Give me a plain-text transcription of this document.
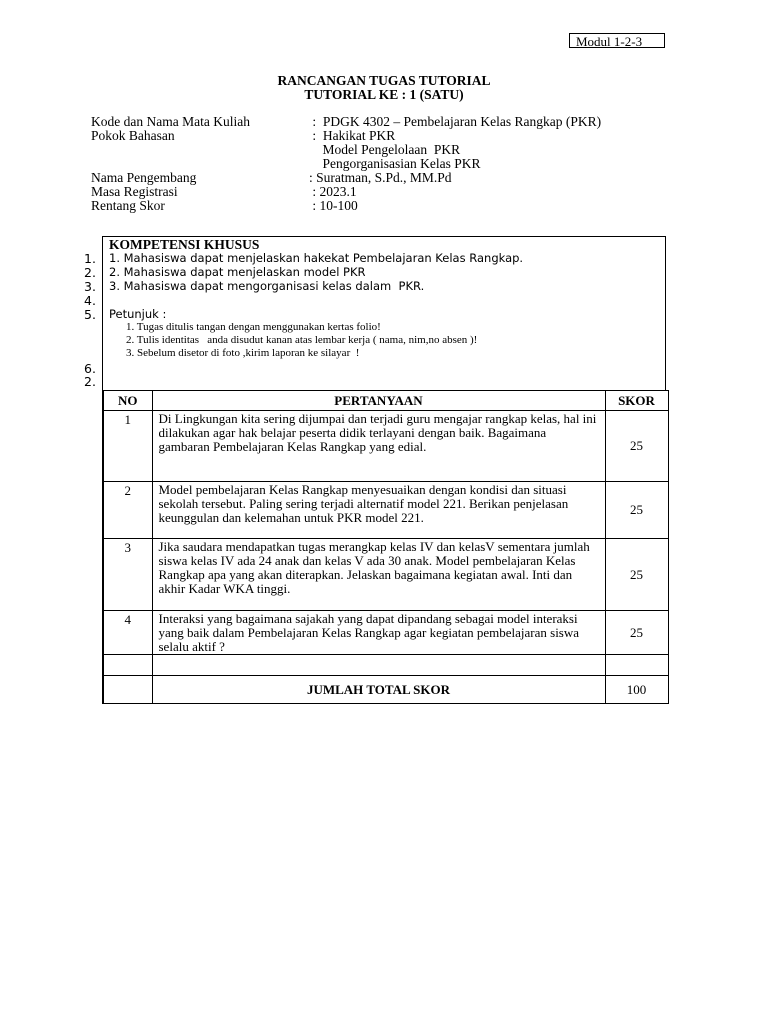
Modul 1-2-3
RANCANGAN TUGAS TUTORIAL
TUTORIAL KE : 1 (SATU)
Kode dan Nama Mata Kuliah	:  PDGK 4302 – Pembelajaran Kelas Rangkap (PKR)
Pokok Bahasan	:  Hakikat PKR
Model Pengelolaan  PKR
Pengorganisasian Kelas PKR
Nama Pengembang	: Suratman, S.Pd., MM.Pd
Masa Registrasi	: 2023.1
Rentang Skor	: 10-100
1.
2.
3.
4.
5.
6.
2.
KOMPETENSI KHUSUS
1. Mahasiswa dapat menjelaskan hakekat Pembelajaran Kelas Rangkap.
2. Mahasiswa dapat menjelaskan model PKR
3. Mahasiswa dapat mengorganisasi kelas dalam  PKR.
Petunjuk :
1. Tugas ditulis tangan dengan menggunakan kertas folio!
2. Tulis identitas   anda disudut kanan atas lembar kerja ( nama, nim,no absen )!
3. Sebelum disetor di foto ,kirim laporan ke silayar  !
NO	PERTANYAAN	SKOR
1	Di Lingkungan kita sering dijumpai dan terjadi guru mengajar rangkap kelas, hal ini dilakukan agar hak belajar peserta didik terlayani dengan baik. Bagaimana gambaran Pembelajaran Kelas Rangkap yang edial.	25
2	Model pembelajaran Kelas Rangkap menyesuaikan dengan kondisi dan situasi sekolah tersebut. Paling sering terjadi alternatif model 221. Berikan penjelasan keunggulan dan kelemahan untuk PKR model 221.	25
3	Jika saudara mendapatkan tugas merangkap kelas IV dan kelasV sementara jumlah siswa kelas IV ada 24 anak dan kelas V ada 30 anak. Model pembelajaran Kelas Rangkap apa yang akan diterapkan. Jelaskan bagaimana kegiatan awal. Inti dan akhir Kadar WKA tinggi.	25
4	Interaksi yang bagaimana sajakah yang dapat dipandang sebagai model interaksi yang baik dalam Pembelajaran Kelas Rangkap agar kegiatan pembelajaran siswa selalu aktif ?	25

	JUMLAH TOTAL SKOR	100
